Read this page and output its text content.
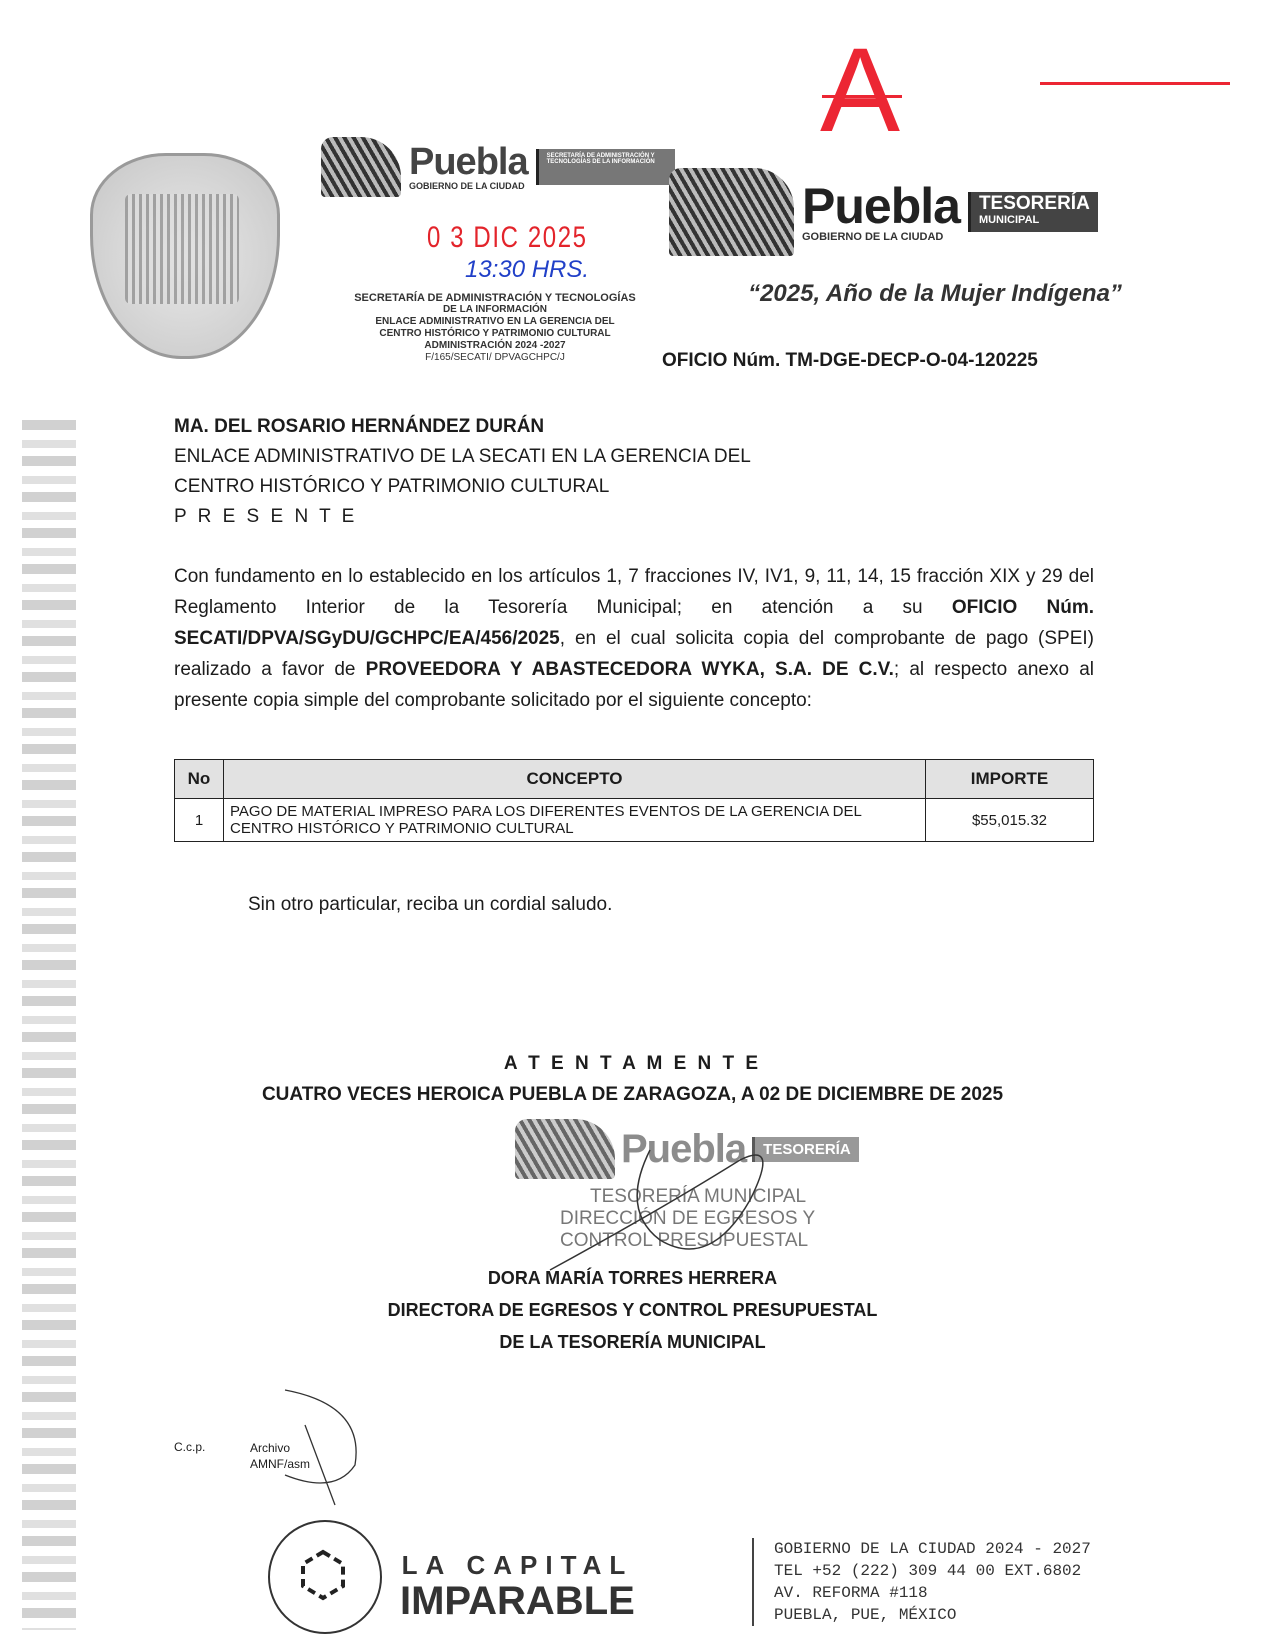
A
Puebla
GOBIERNO DE LA CIUDAD
SECRETARÍA DE ADMINISTRACIÓN Y TECNOLOGÍAS DE LA INFORMACIÓN
0 3 DIC 2025
13:30 HRS.
SECRETARÍA DE ADMINISTRACIÓN Y TECNOLOGÍAS
DE LA INFORMACIÓN
ENLACE ADMINISTRATIVO EN LA GERENCIA DEL
CENTRO HISTÓRICO Y PATRIMONIO CULTURAL
ADMINISTRACIÓN 2024 -2027
F/165/SECATI/ DPVAGCHPC/J
Puebla
GOBIERNO DE LA CIUDAD
TESORERÍA
MUNICIPAL
“2025, Año de la Mujer Indígena”
OFICIO Núm. TM-DGE-DECP-O-04-120225
MA. DEL ROSARIO HERNÁNDEZ DURÁN
ENLACE ADMINISTRATIVO DE LA SECATI EN LA GERENCIA DEL
CENTRO HISTÓRICO Y PATRIMONIO CULTURAL
P R E S E N T E
Con fundamento en lo establecido en los artículos 1, 7 fracciones IV, IV1, 9, 11, 14, 15 fracción XIX y 29 del Reglamento Interior de la Tesorería Municipal; en atención a su OFICIO Núm. SECATI/DPVA/SGyDU/GCHPC/EA/456/2025, en el cual solicita copia del comprobante de pago (SPEI) realizado a favor de PROVEEDORA Y ABASTECEDORA WYKA, S.A. DE C.V.; al respecto anexo al presente copia simple del comprobante solicitado por el siguiente concepto:
No	CONCEPTO	IMPORTE
1	PAGO DE MATERIAL IMPRESO PARA LOS DIFERENTES EVENTOS DE LA GERENCIA DEL CENTRO HISTÓRICO Y PATRIMONIO CULTURAL	$55,015.32
Sin otro particular, reciba un cordial saludo.
A T E N T A M E N T E
CUATRO VECES HEROICA PUEBLA DE ZARAGOZA, A 02 DE DICIEMBRE DE 2025
Puebla	TESORERÍA
TESORERÍA MUNICIPAL
DIRECCIÓN DE EGRESOS Y
CONTROL PRESUPUESTAL
DORA MARÍA TORRES HERRERA
DIRECTORA DE EGRESOS Y CONTROL PRESUPUESTAL
DE LA TESORERÍA MUNICIPAL
C.c.p.	Archivo
AMNF/asm
LA CAPITAL
IMPARABLE
GOBIERNO DE LA CIUDAD 2024 - 2027
TEL +52 (222) 309 44 00 EXT.6802
AV. REFORMA #118
PUEBLA, PUE, MÉXICO
